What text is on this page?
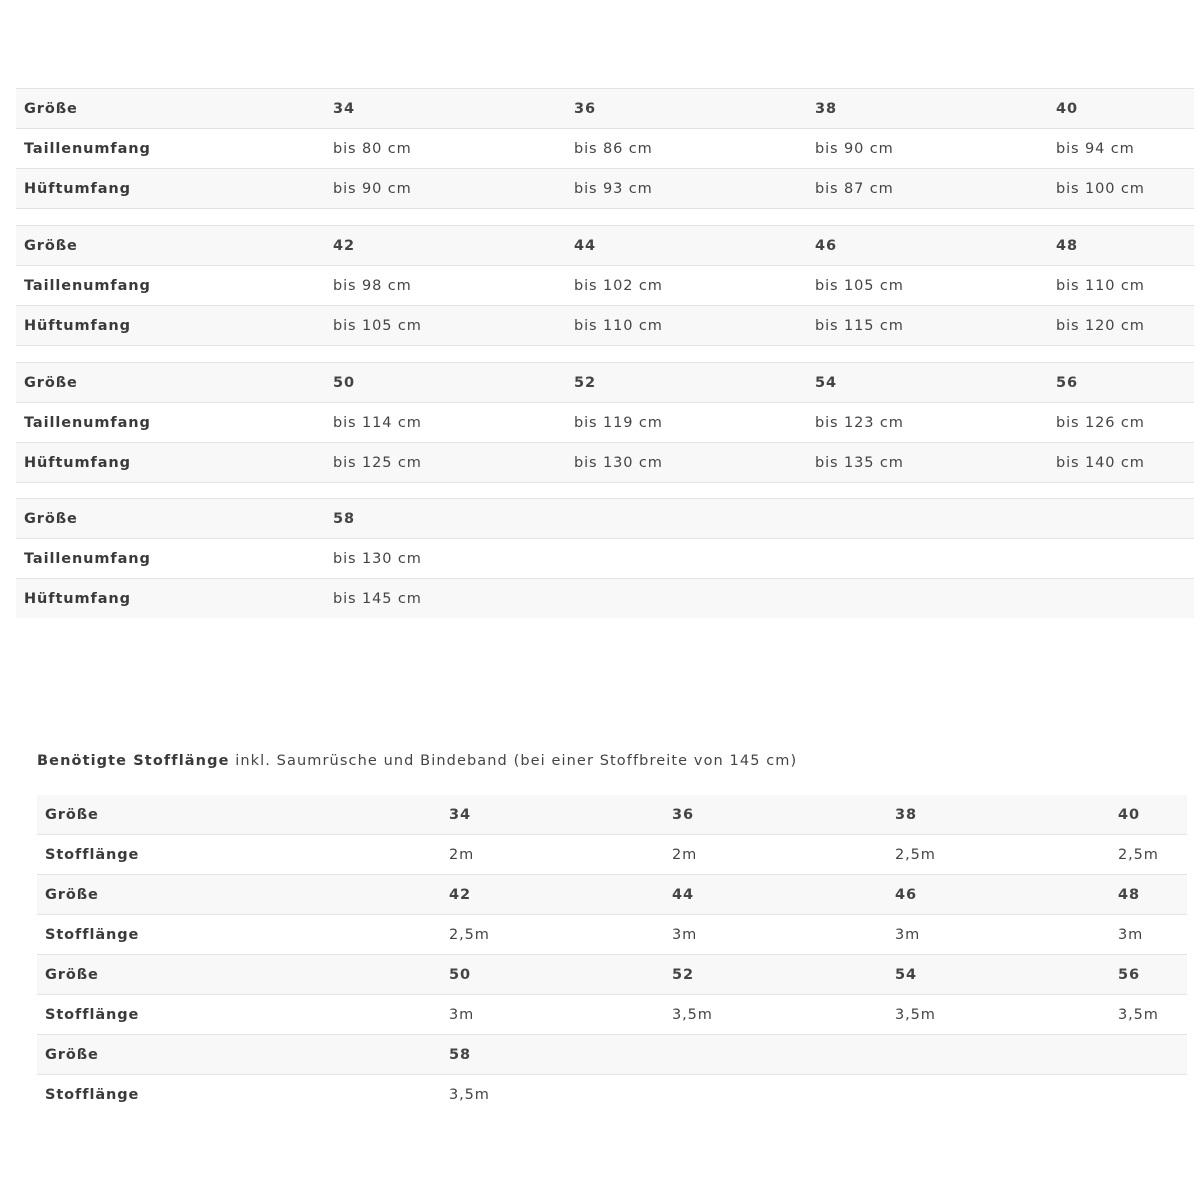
Größe	34	36	38	40
Taillenumfang	bis 80 cm	bis 86 cm	bis 90 cm	bis 94 cm
Hüftumfang	bis 90 cm	bis 93 cm	bis 87 cm	bis 100 cm
Größe	42	44	46	48
Taillenumfang	bis 98 cm	bis 102 cm	bis 105 cm	bis 110 cm
Hüftumfang	bis 105 cm	bis 110 cm	bis 115 cm	bis 120 cm
Größe	50	52	54	56
Taillenumfang	bis 114 cm	bis 119 cm	bis 123 cm	bis 126 cm
Hüftumfang	bis 125 cm	bis 130 cm	bis 135 cm	bis 140 cm
Größe	58			
Taillenumfang	bis 130 cm			
Hüftumfang	bis 145 cm			
Benötigte Stofflänge inkl. Saumrüsche und Bindeband (bei einer Stoffbreite von 145 cm)
Größe	34	36	38	40
Stofflänge	2m	2m	2,5m	2,5m
Größe	42	44	46	48
Stofflänge	2,5m	3m	3m	3m
Größe	50	52	54	56
Stofflänge	3m	3,5m	3,5m	3,5m
Größe	58			
Stofflänge	3,5m			
